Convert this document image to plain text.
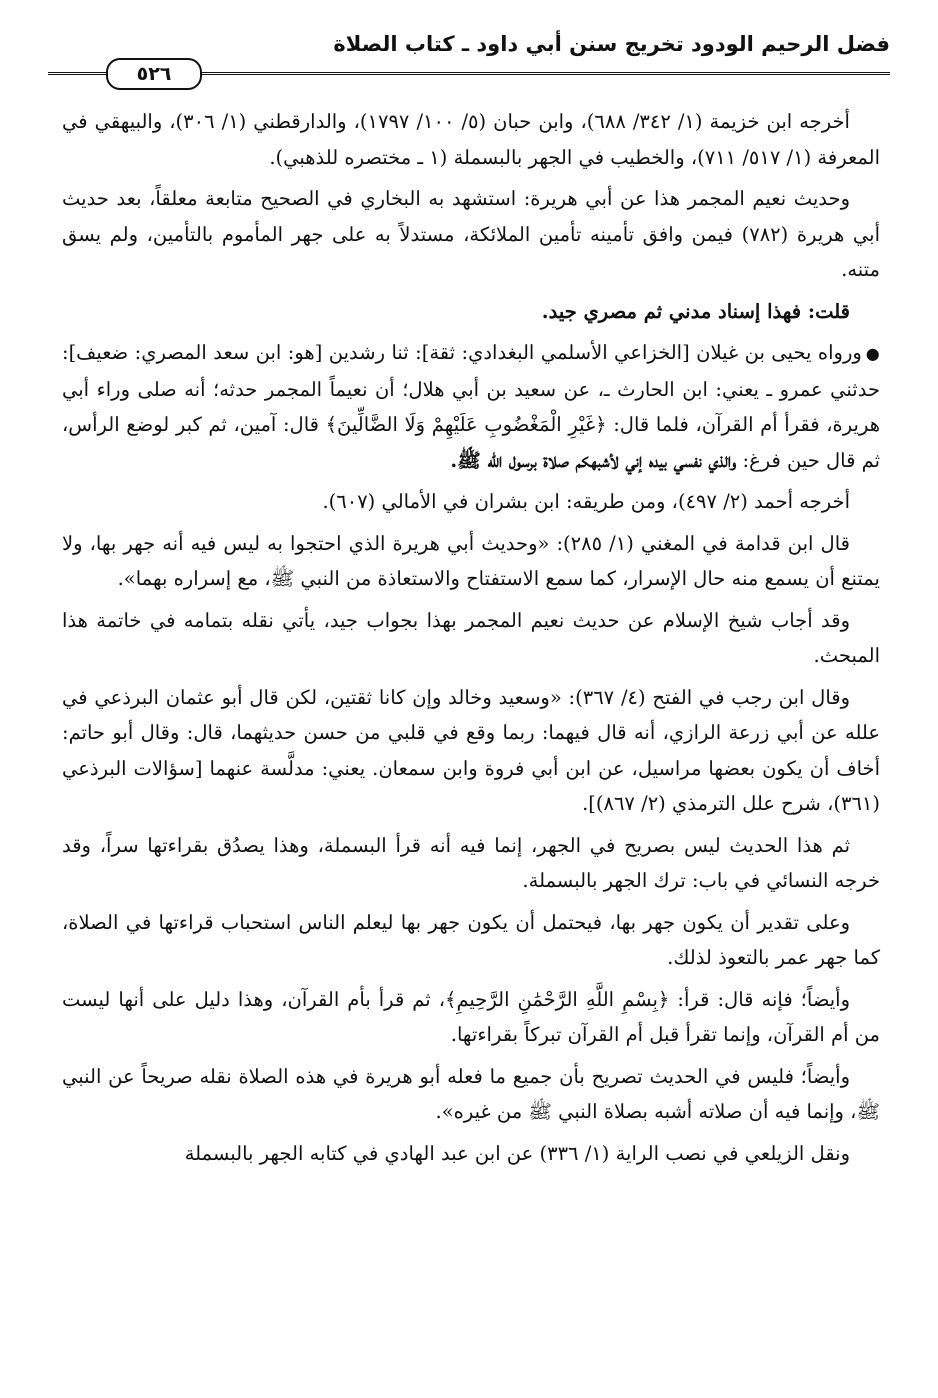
فضل الرحيم الودود تخريج سنن أبي داود ـ كتاب الصلاة
٥٢٦

أخرجه ابن خزيمة (١/ ٣٤٢/ ٦٨٨)، وابن حبان (٥/ ١٠٠/ ١٧٩٧)، والدارقطني (١/ ٣٠٦)، والبيهقي في المعرفة (١/ ٥١٧/ ٧١١)، والخطيب في الجهر بالبسملة (١ ـ مختصره للذهبي).

وحديث نعيم المجمر هذا عن أبي هريرة: استشهد به البخاري في الصحيح متابعة معلقاً، بعد حديث أبي هريرة (٧٨٢) فيمن وافق تأمينه تأمين الملائكة، مستدلاً به على جهر المأموم بالتأمين، ولم يسق متنه.

قلت: فهذا إسناد مدني ثم مصري جيد.

●ورواه يحيى بن غيلان [الخزاعي الأسلمي البغدادي: ثقة]: ثنا رشدين [هو: ابن سعد المصري: ضعيف]: حدثني عمرو ـ يعني: ابن الحارث ـ، عن سعيد بن أبي هلال؛ أن نعيماً المجمر حدثه؛ أنه صلى وراء أبي هريرة، فقرأ أم القرآن، فلما قال: ﴿غَيْرِ الْمَغْضُوبِ عَلَيْهِمْ وَلَا الضَّالِّينَ﴾ قال: آمين، ثم كبر لوضع الرأس، ثم قال حين فرغ: والذي نفسي بيده إني لأشبهكم صلاة برسول الله ﷺ.

أخرجه أحمد (٢/ ٤٩٧)، ومن طريقه: ابن بشران في الأمالي (٦٠٧).

قال ابن قدامة في المغني (١/ ٢٨٥): «وحديث أبي هريرة الذي احتجوا به ليس فيه أنه جهر بها، ولا يمتنع أن يسمع منه حال الإسرار، كما سمع الاستفتاح والاستعاذة من النبي ﷺ، مع إسراره بهما».

وقد أجاب شيخ الإسلام عن حديث نعيم المجمر بهذا بجواب جيد، يأتي نقله بتمامه في خاتمة هذا المبحث.

وقال ابن رجب في الفتح (٤/ ٣٦٧): «وسعيد وخالد وإن كانا ثقتين، لكن قال أبو عثمان البرذعي في علله عن أبي زرعة الرازي، أنه قال فيهما: ربما وقع في قلبي من حسن حديثهما، قال: وقال أبو حاتم: أخاف أن يكون بعضها مراسيل، عن ابن أبي فروة وابن سمعان. يعني: مدلَّسة عنهما [سؤالات البرذعي (٣٦١)، شرح علل الترمذي (٢/ ٨٦٧)].

ثم هذا الحديث ليس بصريح في الجهر، إنما فيه أنه قرأ البسملة، وهذا يصدُق بقراءتها سراً، وقد خرجه النسائي في باب: ترك الجهر بالبسملة.

وعلى تقدير أن يكون جهر بها، فيحتمل أن يكون جهر بها ليعلم الناس استحباب قراءتها في الصلاة، كما جهر عمر بالتعوذ لذلك.

وأيضاً؛ فإنه قال: قرأ: ﴿بِسْمِ اللَّهِ الرَّحْمَٰنِ الرَّحِيمِ﴾، ثم قرأ بأم القرآن، وهذا دليل على أنها ليست من أم القرآن، وإنما تقرأ قبل أم القرآن تبركاً بقراءتها.

وأيضاً؛ فليس في الحديث تصريح بأن جميع ما فعله أبو هريرة في هذه الصلاة نقله صريحاً عن النبي ﷺ، وإنما فيه أن صلاته أشبه بصلاة النبي ﷺ من غيره».

ونقل الزيلعي في نصب الراية (١/ ٣٣٦) عن ابن عبد الهادي في كتابه الجهر بالبسملة
